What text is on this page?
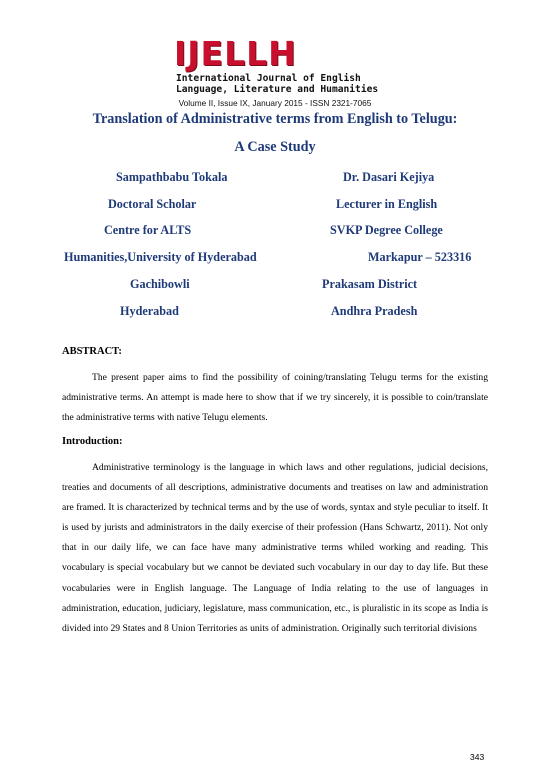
IJELLH

International Journal of English

Language, Literature and Humanities

Volume II, Issue IX, January 2015 - ISSN 2321-7065
Translation of Administrative terms from English to Telugu:
A Case Study
Sampathbabu Tokala
Doctoral Scholar
Centre for ALTS
Humanities,University of Hyderabad
Gachibowli
Hyderabad
Dr. Dasari Kejiya
Lecturer in English
SVKP Degree College
Markapur – 523316
Prakasam District
Andhra Pradesh
ABSTRACT:

The present paper aims to find the possibility of coining/translating Telugu terms for the existing administrative terms. An attempt is made here to show that if we try sincerely, it is possible to coin/translate the administrative terms with native Telugu elements.

Introduction:

Administrative terminology is the language in which laws and other regulations, judicial decisions, treaties and documents of all descriptions, administrative documents and treatises on law and administration are framed. It is characterized by technical terms and by the use of words, syntax and style peculiar to itself. It is used by jurists and administrators in the daily exercise of their profession (Hans Schwartz, 2011). Not only that in our daily life, we can face have many administrative terms whiled working and reading. This vocabulary is special vocabulary but we cannot be deviated such vocabulary in our day to day life. But these vocabularies were in English language. The Language of India relating to the use of languages in administration, education, judiciary, legislature, mass communication, etc., is pluralistic in its scope as India is divided into 29 States and 8 Union Territories as units of administration. Originally such territorial divisions

343
